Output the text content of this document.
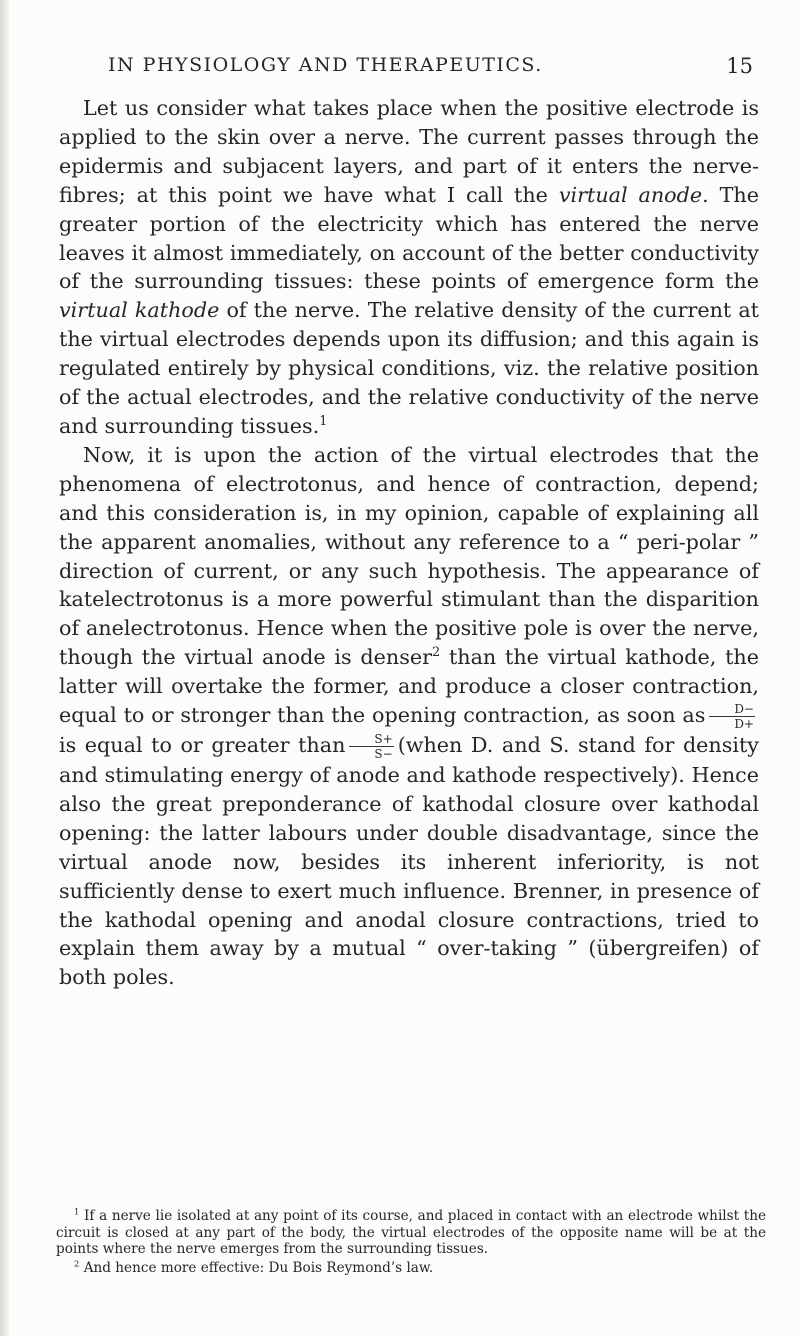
IN PHYSIOLOGY AND THERAPEUTICS.	15

Let us consider what takes place when the positive electrode is applied to the skin over a nerve. The current passes through the epidermis and subjacent layers, and part of it enters the nerve-fibres; at this point we have what I call the virtual anode. The greater portion of the electricity which has entered the nerve leaves it almost immediately, on account of the better conductivity of the surrounding tissues: these points of emergence form the virtual kathode of the nerve. The relative density of the current at the virtual electrodes depends upon its diffusion; and this again is regulated entirely by physical conditions, viz. the relative position of the actual electrodes, and the relative conductivity of the nerve and surrounding tissues.$^1$

Now, it is upon the action of the virtual electrodes that the phenomena of electrotonus, and hence of contraction, depend; and this consideration is, in my opinion, capable of explaining all the apparent anomalies, without any reference to a “ peri-polar ” direction of current, or any such hypothesis. The appearance of katelectrotonus is a more powerful stimulant than the disparition of anelectrotonus. Hence when the positive pole is over the nerve, though the virtual anode is denser$^2$ than the virtual kathode, the latter will overtake the former, and produce a closer contraction, equal to or stronger than the opening contraction, as soon as $\frac{D-}{D+}$
is equal to or greater than $\frac{S+}{S-}$ (when D. and S. stand for density and stimulating energy of anode and kathode respectively). Hence also the great preponderance of kathodal closure over kathodal opening: the latter labours under double disadvantage, since the virtual anode now, besides its inherent inferiority, is not sufficiently dense to exert much influence. Brenner, in presence of the kathodal opening and anodal closure contractions, tried to explain them away by a mutual “ over-taking ” (übergreifen) of both poles.

$^1$ If a nerve lie isolated at any point of its course, and placed in contact with an electrode whilst the circuit is closed at any part of the body, the virtual electrodes of the opposite name will be at the points where the nerve emerges from the surrounding tissues.

$^2$ And hence more effective: Du Bois Reymond’s law.
